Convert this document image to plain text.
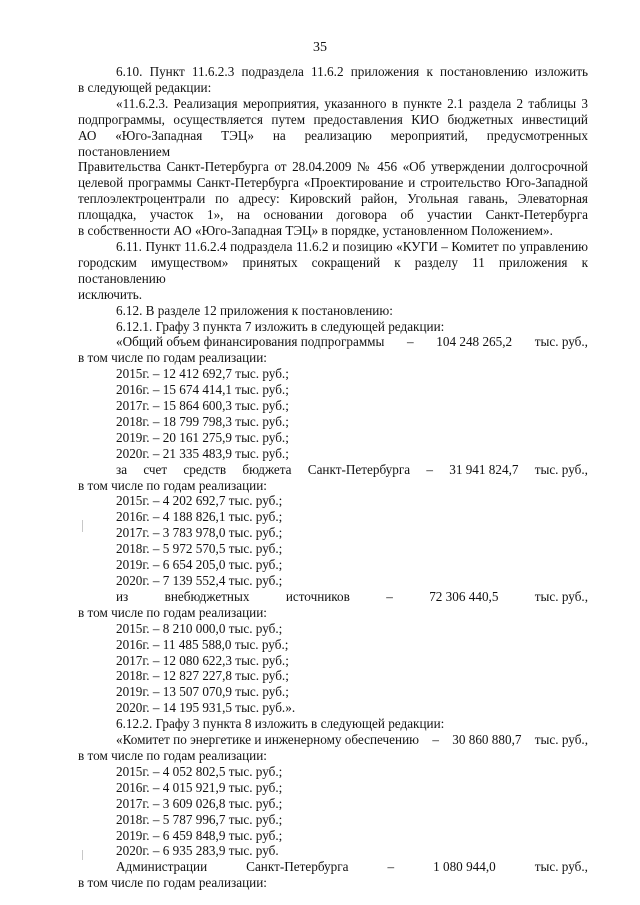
35

6.10. Пункт 11.6.2.3 подраздела 11.6.2 приложения к постановлению изложить

в следующей редакции:

«11.6.2.3. Реализация мероприятия, указанного в пункте 2.1 раздела 2 таблицы 3

подпрограммы, осуществляется путем предоставления КИО бюджетных инвестиций

АО «Юго-Западная ТЭЦ» на реализацию мероприятий, предусмотренных постановлением

Правительства Санкт-Петербурга от 28.04.2009 № 456 «Об утверждении долгосрочной

целевой программы Санкт-Петербурга «Проектирование и строительство Юго-Западной

теплоэлектроцентрали по адресу: Кировский район, Угольная гавань, Элеваторная

площадка, участок 1», на основании договора об участии Санкт-Петербурга

в собственности АО «Юго-Западная ТЭЦ» в порядке, установленном Положением».

6.11. Пункт 11.6.2.4 подраздела 11.6.2 и позицию «КУГИ – Комитет по управлению

городским имуществом» принятых сокращений к разделу 11 приложения к постановлению

исключить.

6.12. В разделе 12 приложения к постановлению:

6.12.1. Графу 3 пункта 7 изложить в следующей редакции:

«Общий объем финансирования подпрограммы – 104 248 265,2 тыс. руб.,

в том числе по годам реализации:

2015г. – 12 412 692,7 тыс. руб.;

2016г. – 15 674 414,1 тыс. руб.;

2017г. – 15 864 600,3 тыс. руб.;

2018г. – 18 799 798,3 тыс. руб.;

2019г. – 20 161 275,9 тыс. руб.;

2020г. – 21 335 483,9 тыс. руб.;

за счет средств бюджета Санкт-Петербурга – 31 941 824,7 тыс. руб.,

в том числе по годам реализации:

2015г. – 4 202 692,7 тыс. руб.;

2016г. – 4 188 826,1 тыс. руб.;

2017г. – 3 783 978,0 тыс. руб.;

2018г. – 5 972 570,5 тыс. руб.;

2019г. – 6 654 205,0 тыс. руб.;

2020г. – 7 139 552,4 тыс. руб.;

из	внебюджетных	источников	–	72 306 440,5	тыс. руб.,

в том числе по годам реализации:

2015г. – 8 210 000,0 тыс. руб.;

2016г. – 11 485 588,0 тыс. руб.;

2017г. – 12 080 622,3 тыс. руб.;

2018г. – 12 827 227,8 тыс. руб.;

2019г. – 13 507 070,9 тыс. руб.;

2020г. – 14 195 931,5 тыс. руб.».

6.12.2. Графу 3 пункта 8 изложить в следующей редакции:

«Комитет по энергетике и инженерному обеспечению – 30 860 880,7 тыс. руб.,

в том числе по годам реализации:

2015г. – 4 052 802,5 тыс. руб.;

2016г. – 4 015 921,9 тыс. руб.;

2017г. – 3 609 026,8 тыс. руб.;

2018г. – 5 787 996,7 тыс. руб.;

2019г. – 6 459 848,9 тыс. руб.;

2020г. – 6 935 283,9 тыс. руб.

Администрации	Санкт-Петербурга	–	1 080 944,0	тыс. руб.,

в том числе по годам реализации:
